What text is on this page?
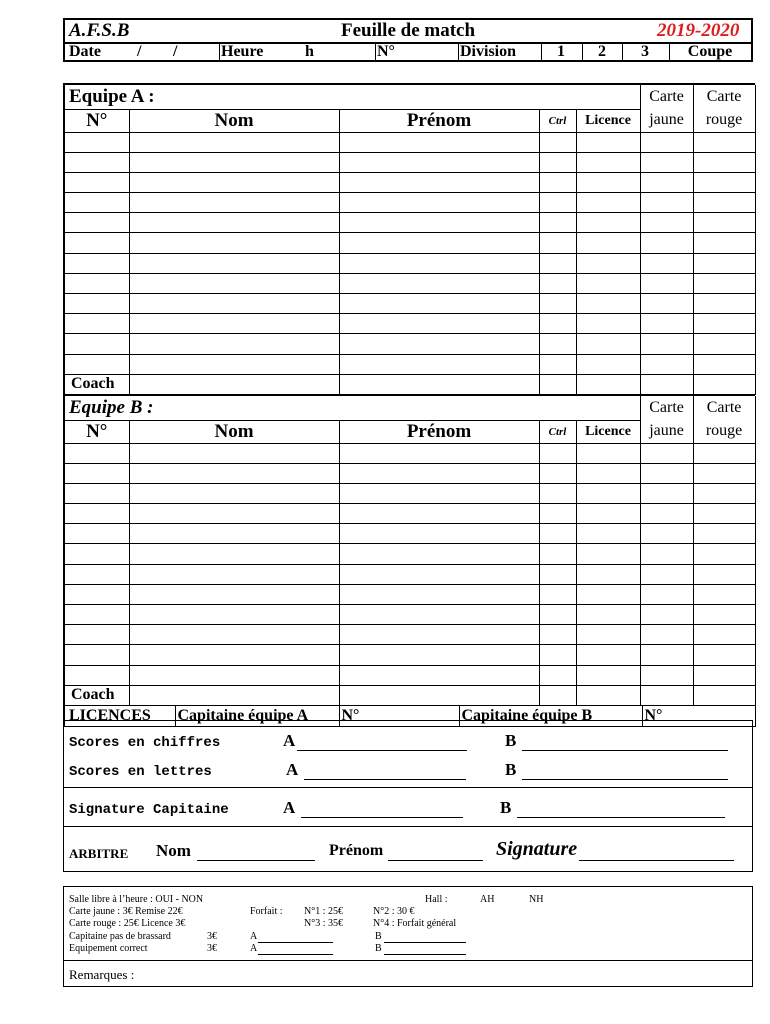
A.F.S.B	Feuille de match	2019-2020
Date / /	Heure	h	N°	Division	1	2	3	Coupe
Equipe A :					Carte	Carte
N°	Nom	Prénom	Ctrl	Licence	jaune	rouge

Coach						
Equipe B :					Carte	Carte
N°	Nom	Prénom	Ctrl	Licence	jaune	rouge

Coach						
LICENCES	Capitaine équipe A	N°	Capitaine équipe B	N°
Scores en chiffres	A	B
Scores en lettres	A	B
Signature Capitaine	A	B
ARBITRE Nom	Prénom	Signature
Salle libre à l’heure : OUI - NON	Hall :	AH	NH
Carte jaune : 3€ Remise 22€	Forfait : N°1 : 25€	N°2 : 30 €
Carte rouge : 25€ Licence 3€	N°3 : 35€	N°4 : Forfait général
Capitaine pas de brassard	3€	A	B
Equipement correct	3€	A	B
Remarques :
